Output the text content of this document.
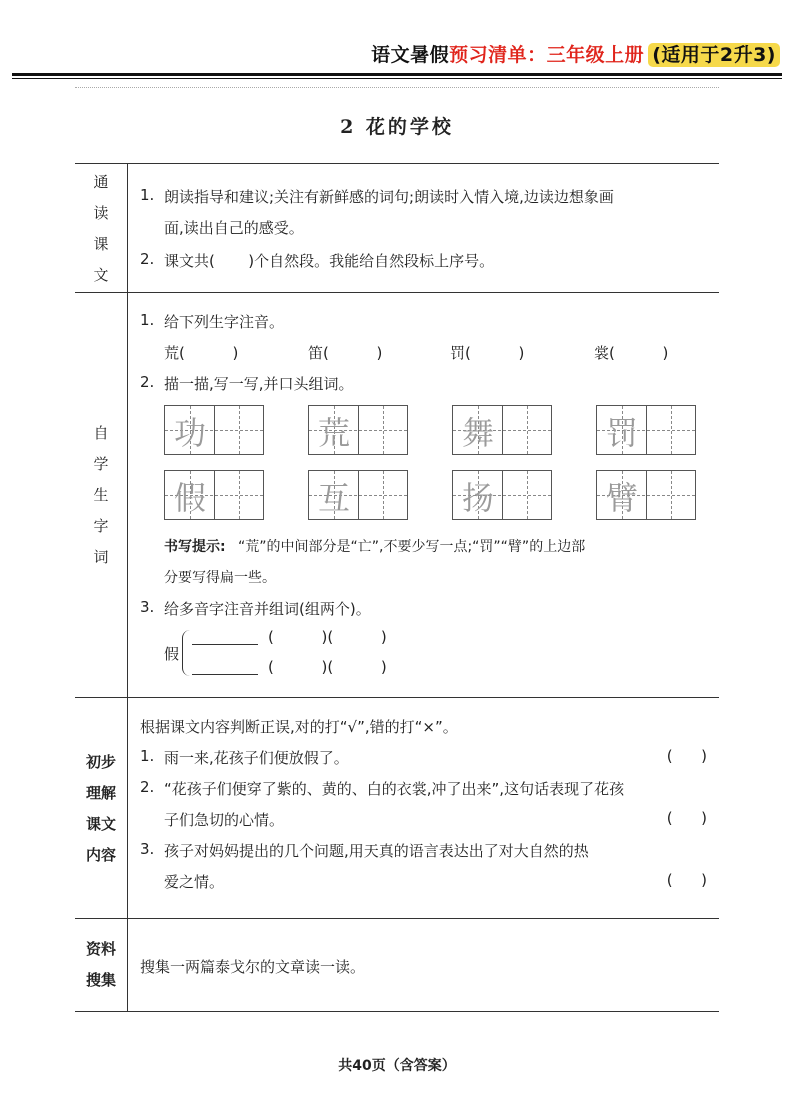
语文暑假预习清单：三年级上册 (适用于2升3)
2 花的学校
通读课文
1. 朗读指导和建议;关注有新鲜感的词句;朗读时入情入境,边读边想象画
面,读出自己的感受。
2. 课文共(       )个自然段。我能给自然段标上序号。
自学生字词
1. 给下列生字注音。
荒(          )	笛(          )	罚(          )	裳(          )
2. 描一描,写一写,并口头组词。
功	荒	舞	罚
假	互	扬	臂
书写提示: “荒”的中间部分是“亡”,不要少写一点;“罚”“臂”的上边部
分要写得扁一些。
3. 给多音字注音并组词(组两个)。
假
(          )(          )
(          )(          )
初步理解课文内容
根据课文内容判断正误,对的打“√”,错的打“×”。
1. 雨一来,花孩子们便放假了。	(      )
2. “花孩子们便穿了紫的、黄的、白的衣裳,冲了出来”,这句话表现了花孩
子们急切的心情。	(      )
3. 孩子对妈妈提出的几个问题,用天真的语言表达出了对大自然的热
爱之情。	(      )
资料搜集
搜集一两篇泰戈尔的文章读一读。
共40页（含答案）
